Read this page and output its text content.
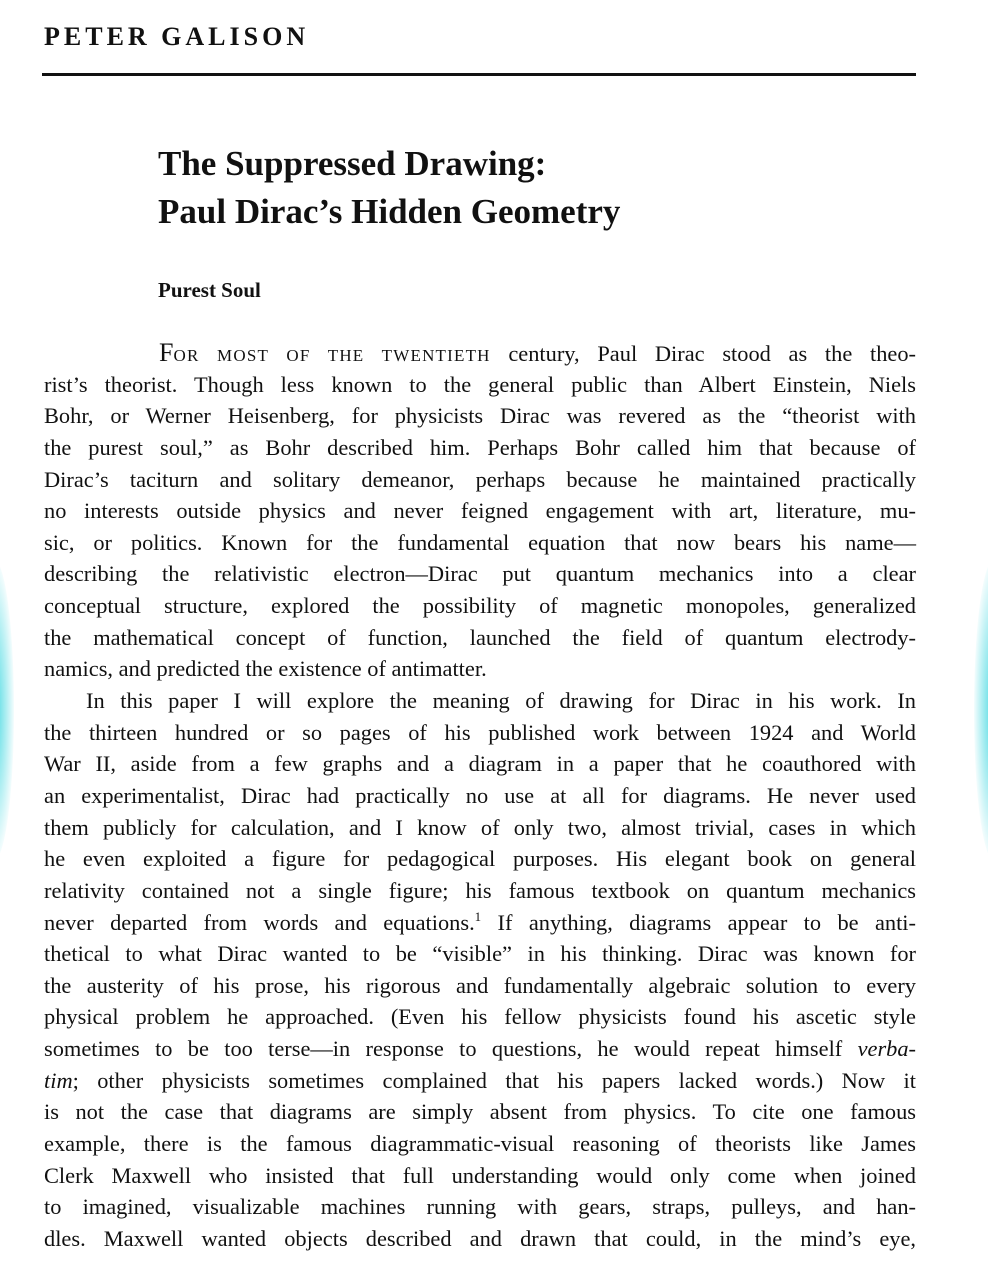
PETER GALISON
The Suppressed Drawing:
Paul Dirac’s Hidden Geometry
Purest Soul
FOR MOST OF THE TWENTIETH century, Paul Dirac stood as the theo-
rist’s theorist. Though less known to the general public than Albert Einstein, Niels
Bohr, or Werner Heisenberg, for physicists Dirac was revered as the “theorist with
the purest soul,” as Bohr described him. Perhaps Bohr called him that because of
Dirac’s taciturn and solitary demeanor, perhaps because he maintained practically
no interests outside physics and never feigned engagement with art, literature, mu-
sic, or politics. Known for the fundamental equation that now bears his name—
describing the relativistic electron—Dirac put quantum mechanics into a clear
conceptual structure, explored the possibility of magnetic monopoles, generalized
the mathematical concept of function, launched the field of quantum electrody-
namics, and predicted the existence of antimatter.
In this paper I will explore the meaning of drawing for Dirac in his work. In
the thirteen hundred or so pages of his published work between 1924 and World
War II, aside from a few graphs and a diagram in a paper that he coauthored with
an experimentalist, Dirac had practically no use at all for diagrams. He never used
them publicly for calculation, and I know of only two, almost trivial, cases in which
he even exploited a figure for pedagogical purposes. His elegant book on general
relativity contained not a single figure; his famous textbook on quantum mechanics
never departed from words and equations.$^1$ If anything, diagrams appear to be anti-
thetical to what Dirac wanted to be “visible” in his thinking. Dirac was known for
the austerity of his prose, his rigorous and fundamentally algebraic solution to every
physical problem he approached. (Even his fellow physicists found his ascetic style
sometimes to be too terse—in response to questions, he would repeat himself verba-
tim; other physicists sometimes complained that his papers lacked words.) Now it
is not the case that diagrams are simply absent from physics. To cite one famous
example, there is the famous diagrammatic-visual reasoning of theorists like James
Clerk Maxwell who insisted that full understanding would only come when joined
to imagined, visualizable machines running with gears, straps, pulleys, and han-
dles. Maxwell wanted objects described and drawn that could, in the mind’s eye,
